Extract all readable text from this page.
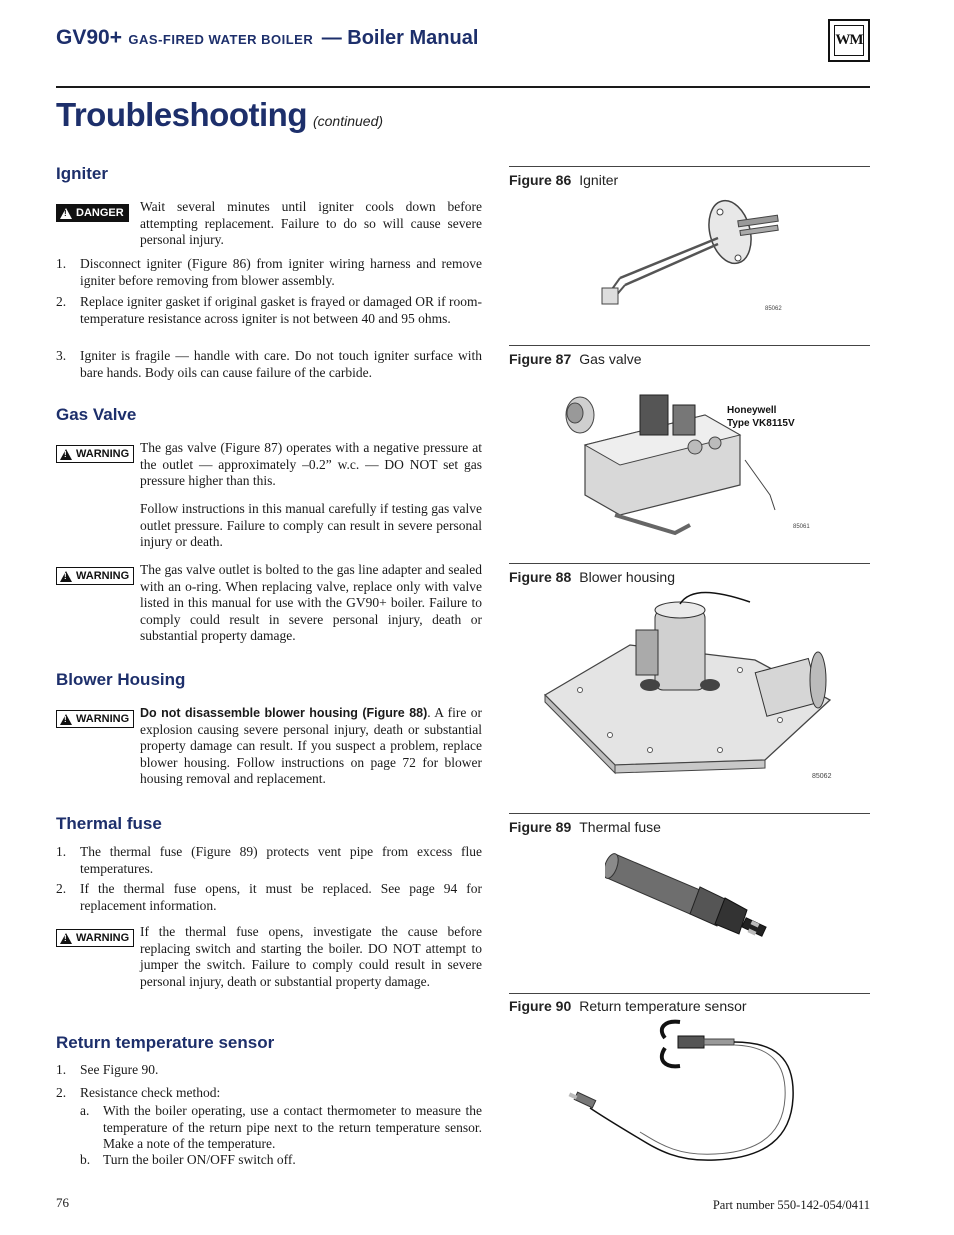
GV90+ GAS-FIRED WATER BOILER — Boiler Manual	WM
Troubleshooting (continued)
Igniter
!
DANGER Wait several minutes until igniter cools down before attempting replacement. Failure to do so will cause severe personal injury.
1. Disconnect igniter (Figure 86) from igniter wiring harness and remove igniter before removing from blower assembly.
2. Replace igniter gasket if original gasket is frayed or damaged OR if room-temperature resistance across igniter is not between 40 and 95 ohms.
3. Igniter is fragile — handle with care. Do not touch igniter surface with bare hands. Body oils can cause failure of the carbide.
Gas Valve
!
WARNING The gas valve (Figure 87) operates with a negative pressure at the outlet — approximately –0.2” w.c. — DO NOT set gas pressure higher than this.
Follow instructions in this manual carefully if testing gas valve outlet pressure. Failure to comply can result in severe personal injury or death.
!
WARNING The gas valve outlet is bolted to the gas line adapter and sealed with an o-ring. When replacing valve, replace only with valve listed in this manual for use with the GV90+ boiler. Failure to comply could result in severe personal injury, death or substantial property damage.
Blower Housing
!
WARNING Do not disassemble blower housing (Figure 88). A fire or explosion causing severe personal injury, death or substantial property damage can result. If you suspect a problem, replace blower housing. Follow instructions on page 72 for blower housing removal and replacement.
Thermal fuse
1. The thermal fuse (Figure 89) protects vent pipe from excess flue temperatures.
2. If the thermal fuse opens, it must be replaced. See page 94 for replacement information.
!
WARNING If the thermal fuse opens, investigate the cause before replacing switch and starting the boiler. DO NOT attempt to jumper the switch. Failure to comply could result in severe personal injury, death or substantial property damage.
Return temperature sensor
1. See Figure 90.
2. Resistance check method:
a. With the boiler operating, use a contact thermometer to measure the temperature of the return pipe next to the return temperature sensor. Make a note of the temperature.
b. Turn the boiler ON/OFF switch off.
Figure 86 Igniter
85062
Figure 87 Gas valve
Honeywell
Type VK8115V
85061
Figure 88 Blower housing
85062
Figure 89 Thermal fuse
Figure 90 Return temperature sensor
76	Part number 550-142-054/0411
